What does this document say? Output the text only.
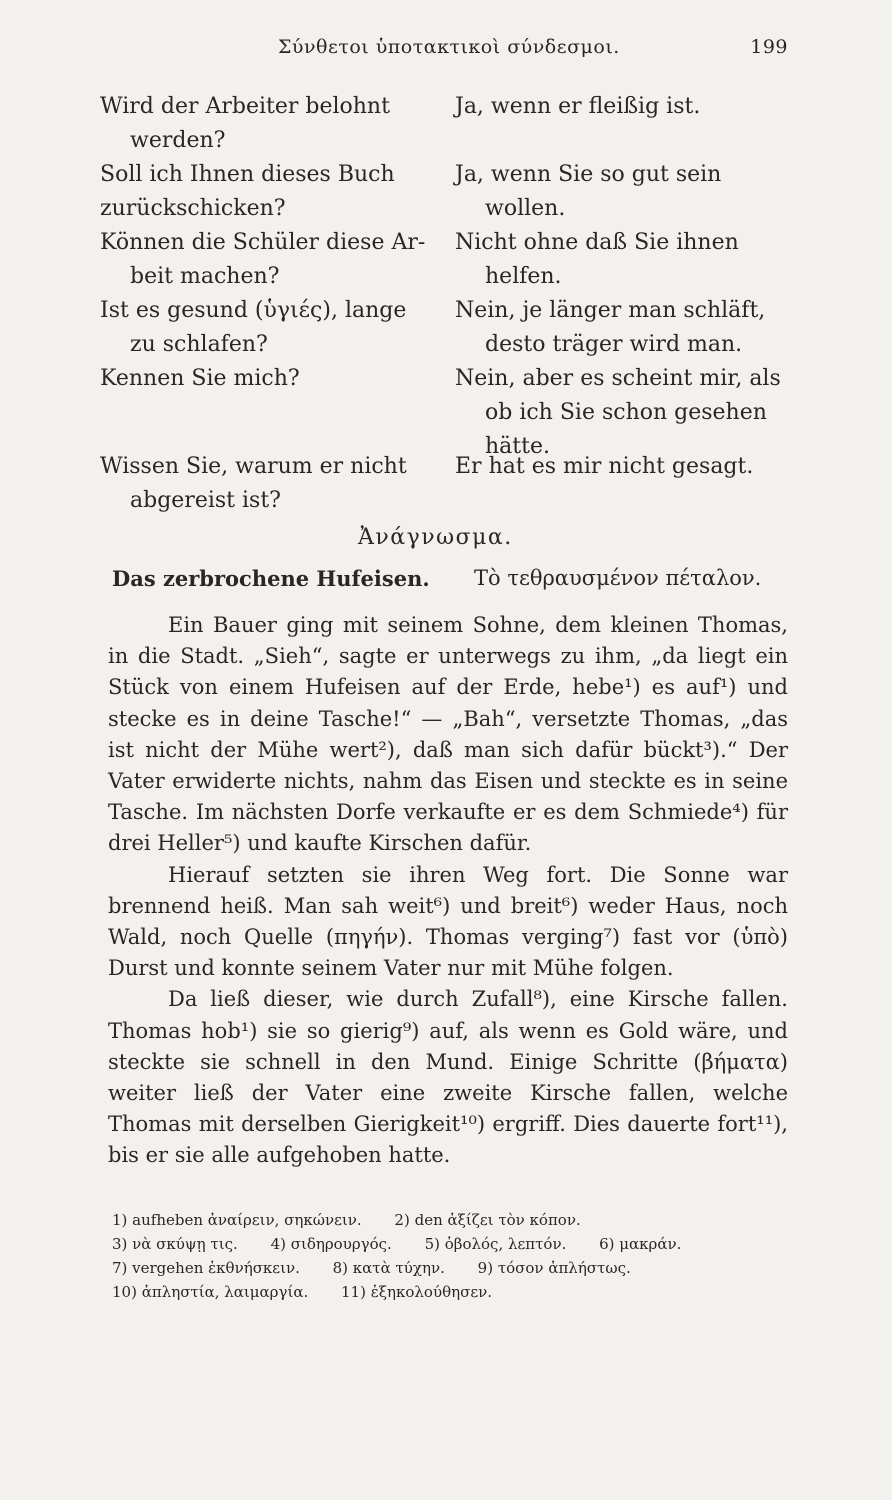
Σύνθετοι ὑποτακτικοὶ σύνδεσμοι.	199
Wird der Arbeiter belohnt
werden?
Ja, wenn er fleißig ist.
Soll ich Ihnen dieses Buch
zurückschicken?
Ja, wenn Sie so gut sein
wollen.
Können die Schüler diese Ar-
beit machen?
Nicht ohne daß Sie ihnen
helfen.
Ist es gesund (ὑγιές), lange
zu schlafen?
Nein, je länger man schläft,
desto träger wird man.
Kennen Sie mich?	Nein, aber es scheint mir, als
ob ich Sie schon gesehen
hätte.
Wissen Sie, warum er nicht
abgereist ist?
Er hat es mir nicht gesagt.
Ἀνάγνωσμα.
Das zerbrochene Hufeisen. Τὸ τεθραυσμένον πέταλον.

Ein Bauer ging mit seinem Sohne, dem kleinen Thomas, in die Stadt. „Sieh“, sagte er unterwegs zu ihm, „da liegt ein Stück von einem Hufeisen auf der Erde, hebe¹) es auf¹) und stecke es in deine Tasche!“ — „Bah“, versetzte Thomas, „das ist nicht der Mühe wert²), daß man sich dafür bückt³).“ Der Vater erwiderte nichts, nahm das Eisen und steckte es in seine Tasche. Im nächsten Dorfe verkaufte er es dem Schmiede⁴) für drei Heller⁵) und kaufte Kirschen dafür.

Hierauf setzten sie ihren Weg fort. Die Sonne war brennend heiß. Man sah weit⁶) und breit⁶) weder Haus, noch Wald, noch Quelle (πηγήν). Thomas verging⁷) fast vor (ὑπὸ) Durst und konnte seinem Vater nur mit Mühe folgen.

Da ließ dieser, wie durch Zufall⁸), eine Kirsche fallen. Thomas hob¹) sie so gierig⁹) auf, als wenn es Gold wäre, und steckte sie schnell in den Mund. Einige Schritte (βήματα) weiter ließ der Vater eine zweite Kirsche fallen, welche Thomas mit derselben Gierigkeit¹⁰) ergriff. Dies dauerte fort¹¹), bis er sie alle aufgehoben hatte.

1) aufheben ἀναίρειν, σηκώνειν. 2) den ἀξίζει τὸν κόπον.
3) νὰ σκύψῃ τις. 4) σιδηρουργός. 5) ὀβολός, λεπτόν. 6) μακράν.
7) vergehen ἐκθνήσκειν. 8) κατὰ τύχην. 9) τόσον ἀπλήστως.
10) ἀπληστία, λαιμαργία. 11) ἐξηκολούθησεν.
